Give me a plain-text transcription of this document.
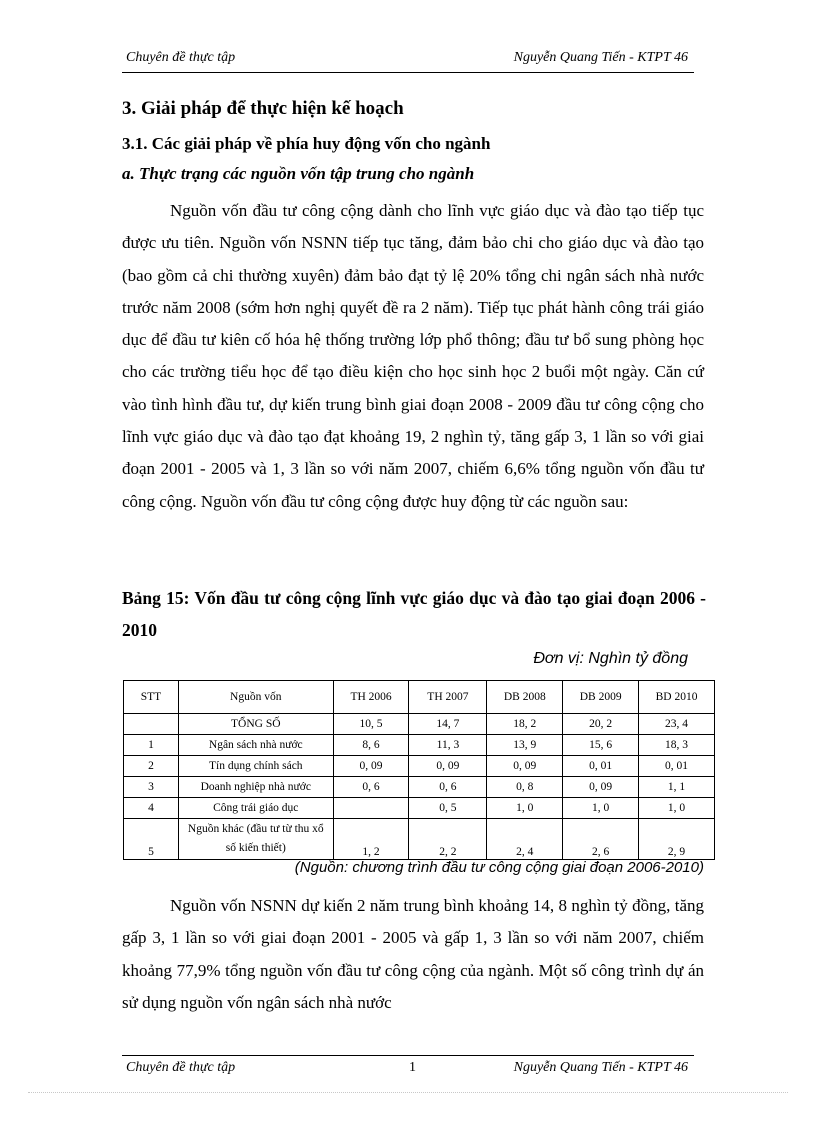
Chuyên đề thực tập	Nguyễn Quang Tiến - KTPT 46
3. Giải pháp để thực hiện kế hoạch
3.1. Các giải pháp về phía huy động vốn cho ngành
a. Thực trạng các nguồn vốn tập trung cho ngành

Nguồn vốn đầu tư công cộng dành cho lĩnh vực giáo dục và đào tạo tiếp tục được ưu tiên. Nguồn vốn NSNN tiếp tục tăng, đảm bảo chi cho giáo dục và đào tạo (bao gồm cả chi thường xuyên) đảm bảo đạt tỷ lệ 20% tổng chi ngân sách nhà nước trước năm 2008 (sớm hơn nghị quyết đề ra 2 năm). Tiếp tục phát hành công trái giáo dục để đầu tư kiên cố hóa hệ thống trường lớp phổ thông; đầu tư bổ sung phòng học cho các trường tiểu học để tạo điều kiện cho học sinh học 2 buổi một ngày. Căn cứ vào tình hình đầu tư, dự kiến trung bình giai đoạn 2008 - 2009 đầu tư công cộng cho lĩnh vực giáo dục và đào tạo đạt khoảng 19, 2 nghìn tỷ, tăng gấp 3, 1 lần so với giai đoạn 2001 - 2005 và 1, 3 lần so với năm 2007, chiếm 6,6% tổng nguồn vốn đầu tư công cộng. Nguồn vốn đầu tư công cộng được huy động từ các nguồn sau:

Bảng 15: Vốn đầu tư công cộng lĩnh vực giáo dục và đào tạo giai đoạn 2006 - 2010

Đơn vị: Nghìn tỷ đồng
STT	Nguồn vốn	TH 2006	TH 2007	DB 2008	DB 2009	BD 2010
	TỔNG SỐ	10, 5	14, 7	18, 2	20, 2	23, 4
1	Ngân sách nhà nước	8, 6	11, 3	13, 9	15, 6	18, 3
2	Tín dụng chính sách	0, 09	0, 09	0, 09	0, 01	0, 01
3	Doanh nghiệp nhà nước	0, 6	0, 6	0, 8	0, 09	1, 1
4	Công trái giáo dục		0, 5	1, 0	1, 0	1, 0
5	Nguồn khác (đầu tư từ thu xổ số kiến thiết)	1, 2	2, 2	2, 4	2, 6	2, 9
(Nguồn: chương trình đầu tư công cộng giai đoạn 2006-2010)

Nguồn vốn NSNN dự kiến 2 năm trung bình khoảng 14, 8 nghìn tỷ đồng, tăng gấp 3, 1 lần so với giai đoạn 2001 - 2005 và gấp 1, 3 lần so với năm 2007, chiếm khoảng 77,9% tổng nguồn vốn đầu tư công cộng của ngành. Một số công trình dự án sử dụng nguồn vốn ngân sách nhà nước

Chuyên đề thực tập	1	Nguyễn Quang Tiến - KTPT 46
